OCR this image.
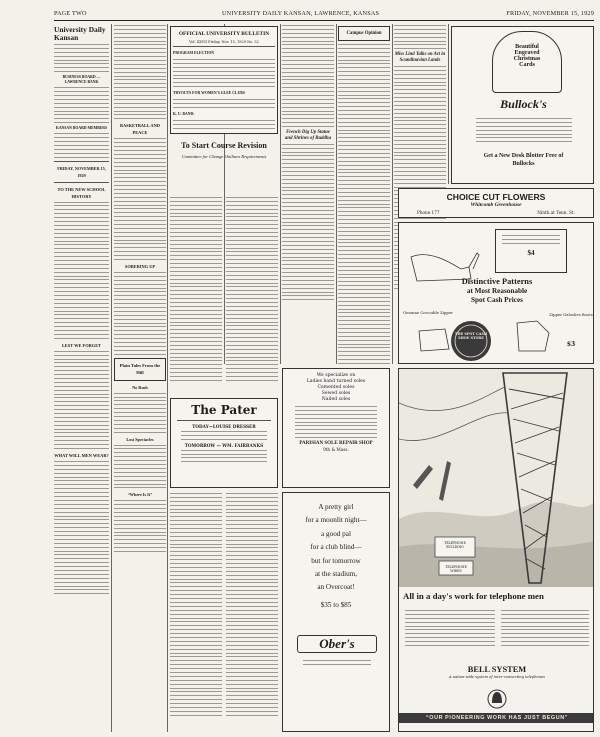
PAGE TWO	UNIVERSITY DAILY KANSAN, LAWRENCE, KANSAS	FRIDAY, NOVEMBER 15, 1929
University Daily Kansan
BUSINESS BOARD — LAWRENCE BANK
KANSAN BOARD MEMBERS
FRIDAY, NOVEMBER 15, 1929
TO THE NEW SCHOOL HISTORY
LEST WE FORGET
WHAT WILL MEN WEAR?
BASKETBALL AND PEACE
SOBERING UP
Plain Tales From the Hill
No Rush
Lost Spectacles
“Where Is It”
OFFICIAL UNIVERSITY BULLETIN
Vol. XXVII Friday, Nov. 15, 1929 No. 52
PROGRAM ELECTION
TRYOUTS FOR WOMEN'S GLEE CLUBS
K. U. BAND:
To Start Course Revision
Committee for Change Outlines Requirements
French Dig Up Statue and Shrines of Buddha
Campus Opinion
Miss Lind Talks on Art in Scandinavian Lands
Beautiful
Engraved
Christmas
Cards
Bullock's
Get a New Desk Blotter Free of Bullocks
CHOICE CUT FLOWERS
Whitcomb Greenhouse
Phone 177	Ninth at Tenn. St.
$4
Distinctive Patterns
at Most Reasonable
Spot Cash Prices
THE SPOT CASH SHOE STORE
Genuine Crocodile Zipper	Zipper Galoshes Boots
$3
The Pater
TODAY—LOUISE DRESSER
TOMORROW — WM. FAIRBANKS
We specialize on
Ladies hand turned soles
Cemented soles
Sewed soles
Nailed soles
PARISIAN SOLE REPAIR SHOP
9th & Mass.
A pretty girl
for a moonlit night—
a good pal
for a club blind—
but for tomorrow
at the stadium,
an Overcoat!
$35 to $85
Ober's
TELEPHONE BUILDING
TELEPHONE WIRES
All in a day's work for telephone men
BELL SYSTEM
A nation-wide system of inter-connecting telephones
“OUR PIONEERING WORK HAS JUST BEGUN”
